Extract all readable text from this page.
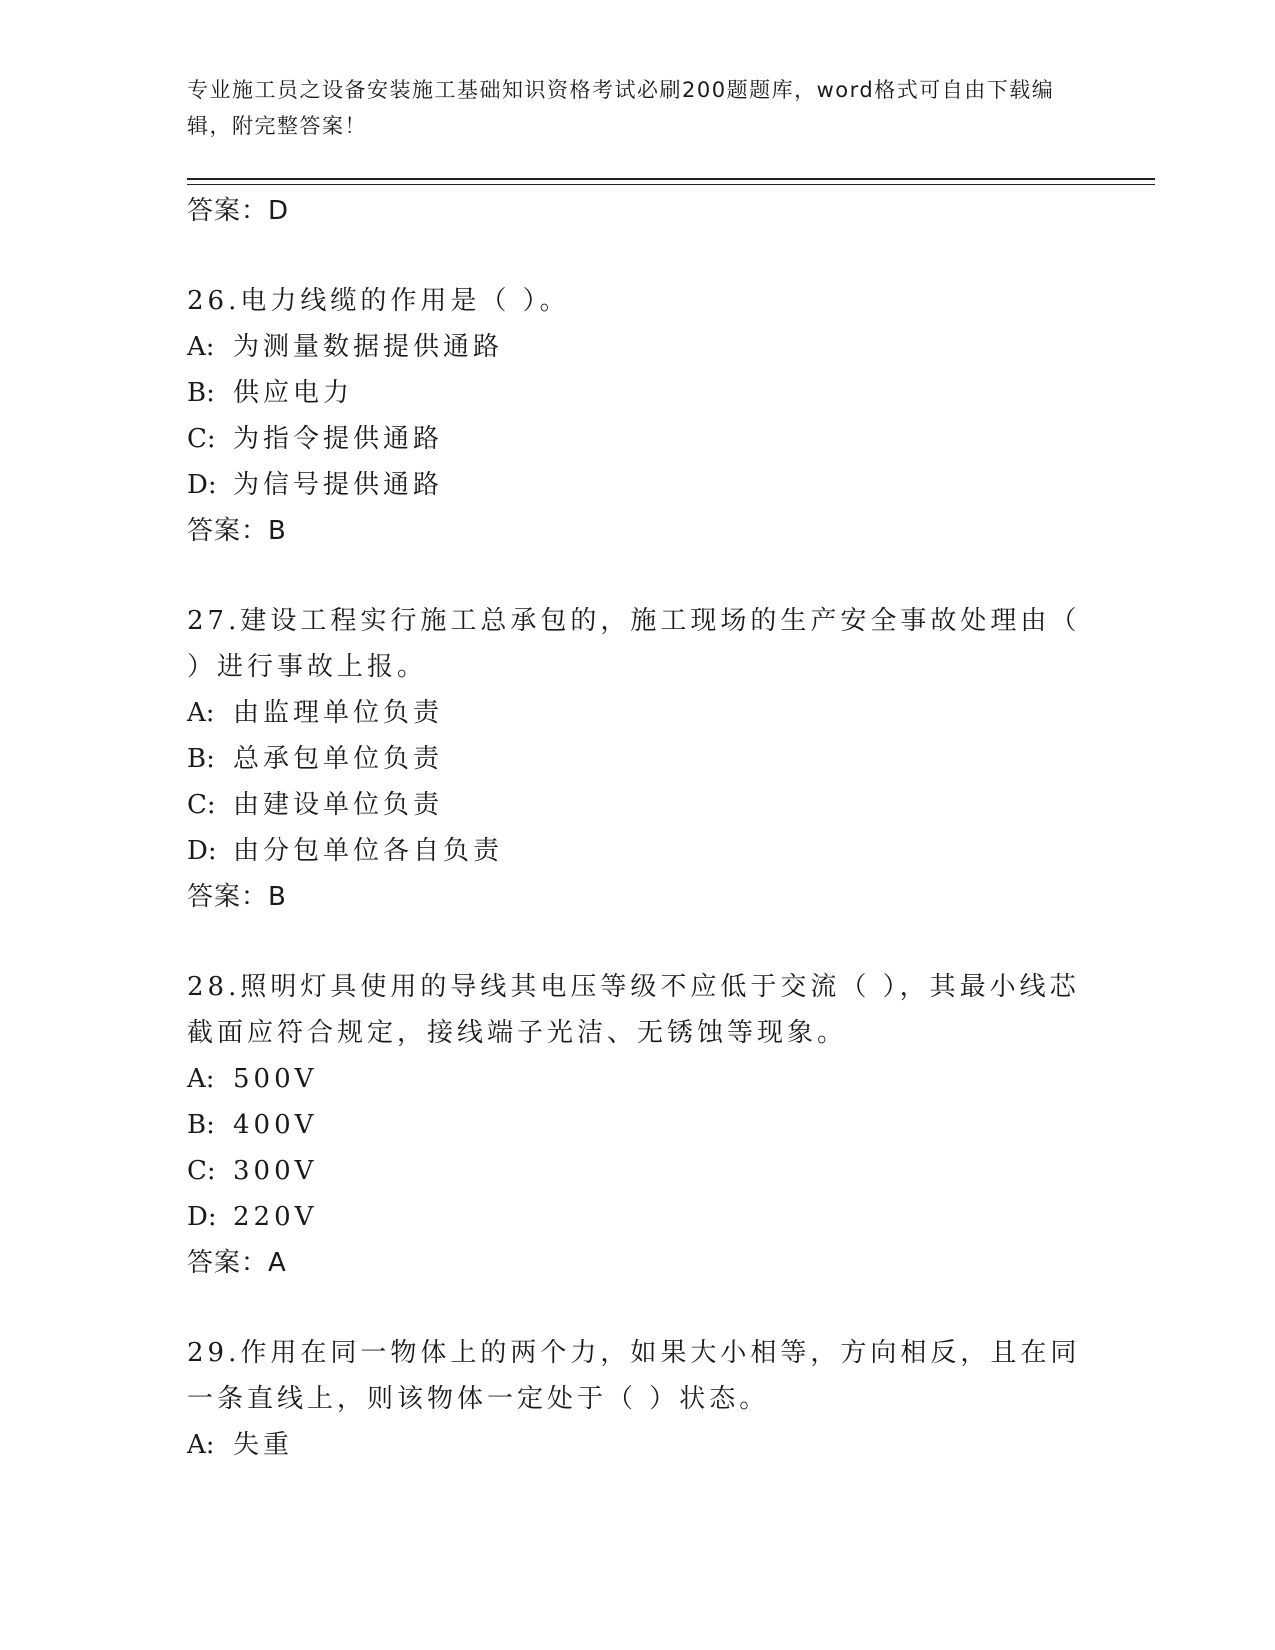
专业施工员之设备安装施工基础知识资格考试必刷200题题库，word格式可自由下载编辑，附完整答案！
答案：D
26.电力线缆的作用是（ ）。
A: 为测量数据提供通路
B: 供应电力
C: 为指令提供通路
D: 为信号提供通路
答案：B
27.建设工程实行施工总承包的，施工现场的生产安全事故处理由（ ）进行事故上报。
A: 由监理单位负责
B: 总承包单位负责
C: 由建设单位负责
D: 由分包单位各自负责
答案：B
28.照明灯具使用的导线其电压等级不应低于交流（ ），其最小线芯截面应符合规定，接线端子光洁、无锈蚀等现象。
A: 500V
B: 400V
C: 300V
D: 220V
答案：A
29.作用在同一物体上的两个力，如果大小相等，方向相反，且在同一条直线上，则该物体一定处于（ ）状态。
A: 失重
